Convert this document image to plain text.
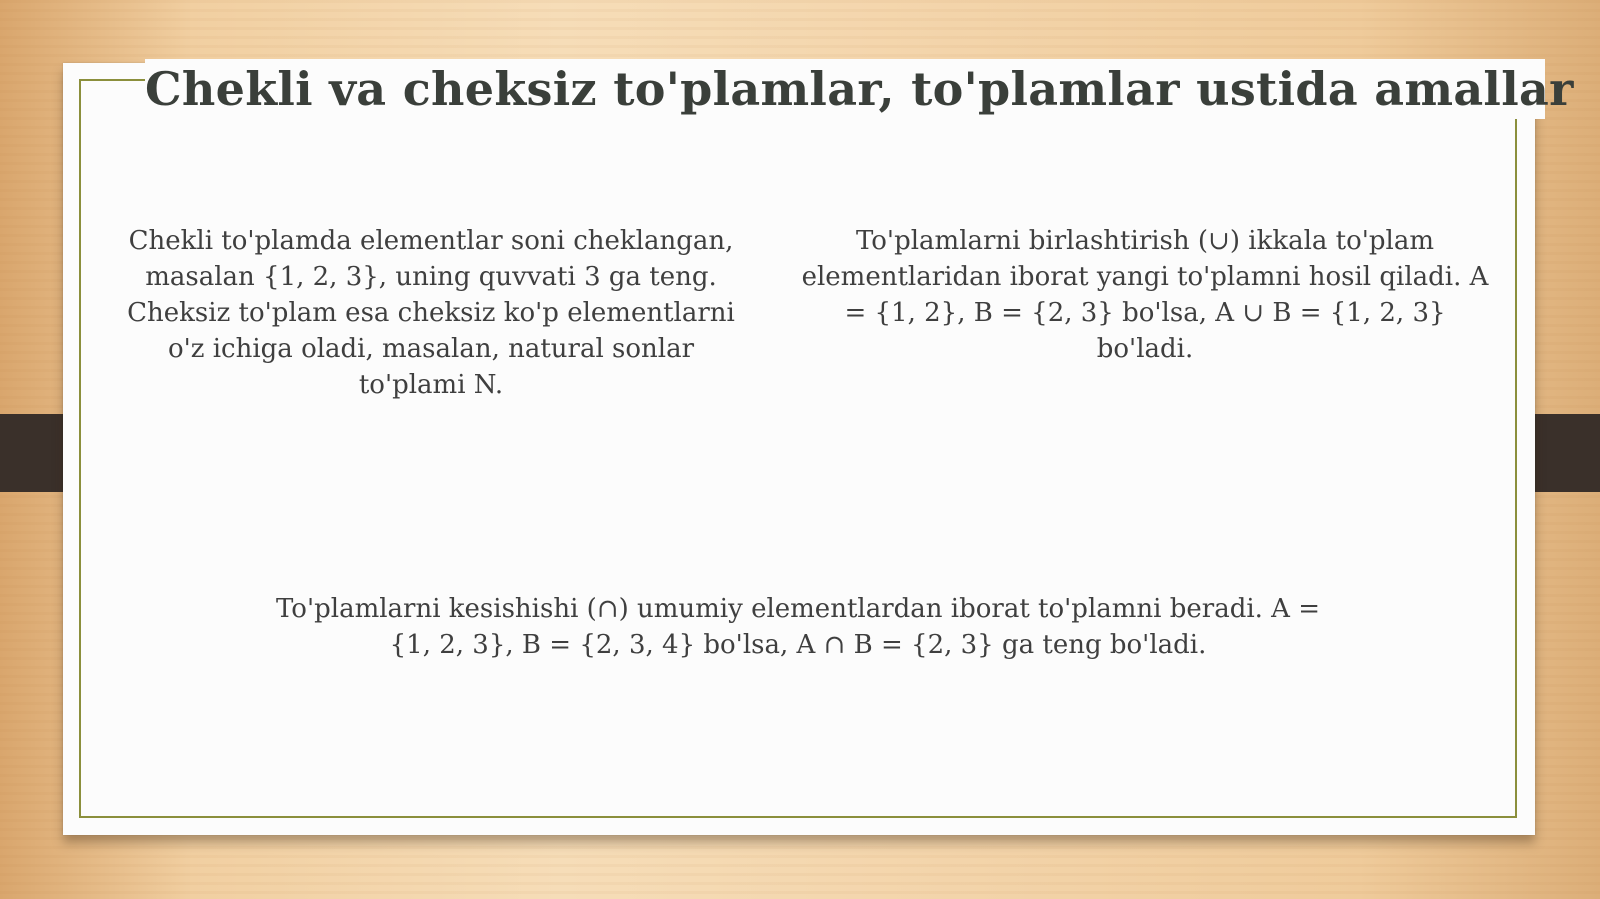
Chekli va cheksiz to'plamlar, to'plamlar ustida amallar

Chekli to'plamda elementlar soni cheklangan, masalan {1, 2, 3}, uning quvvati 3 ga teng. Cheksiz to'plam esa cheksiz ko'p elementlarni o'z ichiga oladi, masalan, natural sonlar to'plami N.

To'plamlarni birlashtirish (∪) ikkala to'plam elementlaridan iborat yangi to'plamni hosil qiladi. A = {1, 2}, B = {2, 3} bo'lsa, A ∪ B = {1, 2, 3} bo'ladi.

To'plamlarni kesishishi (∩) umumiy elementlardan iborat to'plamni beradi. A = {1, 2, 3}, B = {2, 3, 4} bo'lsa, A ∩ B = {2, 3} ga teng bo'ladi.
